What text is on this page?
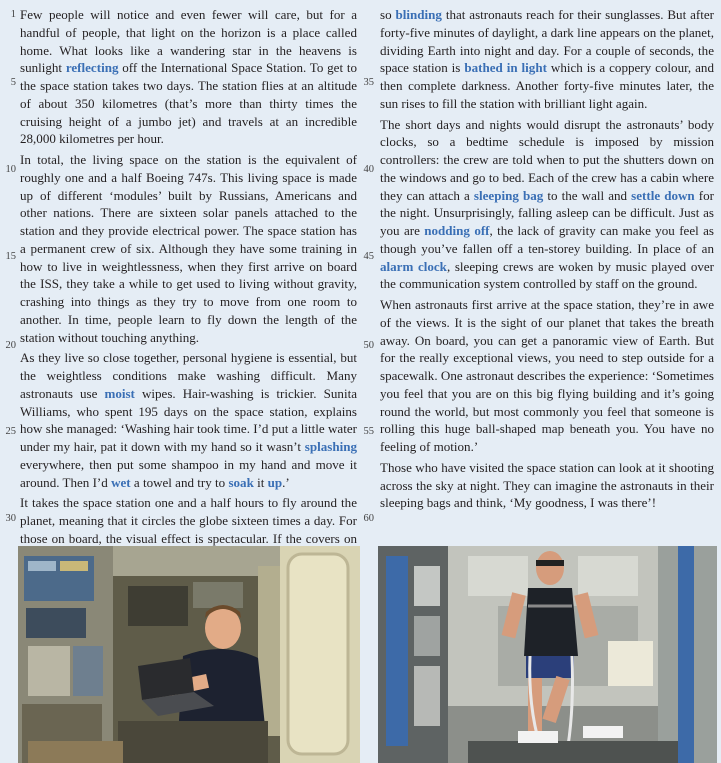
1
5
10
15
20
25
30
35
40
45
50
55
60

Few people will notice and even fewer will care, but for a handful of people, that light on the horizon is a place called home. What looks like a wandering star in the heavens is sunlight reflecting off the International Space Station. To get to the space station takes two days. The station flies at an altitude of about 350 kilometres (that’s more than thirty times the cruising height of a jumbo jet) and travels at an incredible 28,000 kilometres per hour.

In total, the living space on the station is the equivalent of roughly one and a half Boeing 747s. This living space is made up of different ‘modules’ built by Russians, Americans and other nations. There are sixteen solar panels attached to the station and they provide electrical power. The space station has a permanent crew of six. Although they have some training in how to live in weightlessness, when they first arrive on board the ISS, they take a while to get used to living without gravity, crashing into things as they try to move from one room to another. In time, people learn to fly down the length of the station without touching anything.

As they live so close together, personal hygiene is essential, but the weightless conditions make washing difficult. Many astronauts use moist wipes. Hair-washing is trickier. Sunita Williams, who spent 195 days on the space station, explains how she managed: ‘Washing hair took time. I’d put a little water under my hair, pat it down with my hand so it wasn’t splashing everywhere, then put some shampoo in my hand and move it around. Then I’d wet a towel and try to soak it up.’

It takes the space station one and a half hours to fly around the planet, meaning that it circles the globe sixteen times a day. For those on board, the visual effect is spectacular. If the covers on

so blinding that astronauts reach for their sunglasses. But after forty-five minutes of daylight, a dark line appears on the planet, dividing Earth into night and day. For a couple of seconds, the space station is bathed in light which is a coppery colour, and then complete darkness. Another forty-five minutes later, the sun rises to fill the station with brilliant light again.

The short days and nights would disrupt the astronauts’ body clocks, so a bedtime schedule is imposed by mission controllers: the crew are told when to put the shutters down on the windows and go to bed. Each of the crew has a cabin where they can attach a sleeping bag to the wall and settle down for the night. Unsurprisingly, falling asleep can be difficult. Just as you are nodding off, the lack of gravity can make you feel as though you’ve fallen off a ten-storey building. In place of an alarm clock, sleeping crews are woken by music played over the communication system controlled by staff on the ground.

When astronauts first arrive at the space station, they’re in awe of the views. It is the sight of our planet that takes the breath away. On board, you can get a panoramic view of Earth. But for the really exceptional views, you need to step outside for a spacewalk. One astronaut describes the experience: ‘Sometimes you feel that you are on this big flying building and it’s going round the world, but most commonly you feel that someone is rolling this huge ball-shaped map beneath you. You have no feeling of motion.’

Those who have visited the space station can look at it shooting across the sky at night. They can imagine the astronauts in their sleeping bags and think, ‘My goodness, I was there’!
